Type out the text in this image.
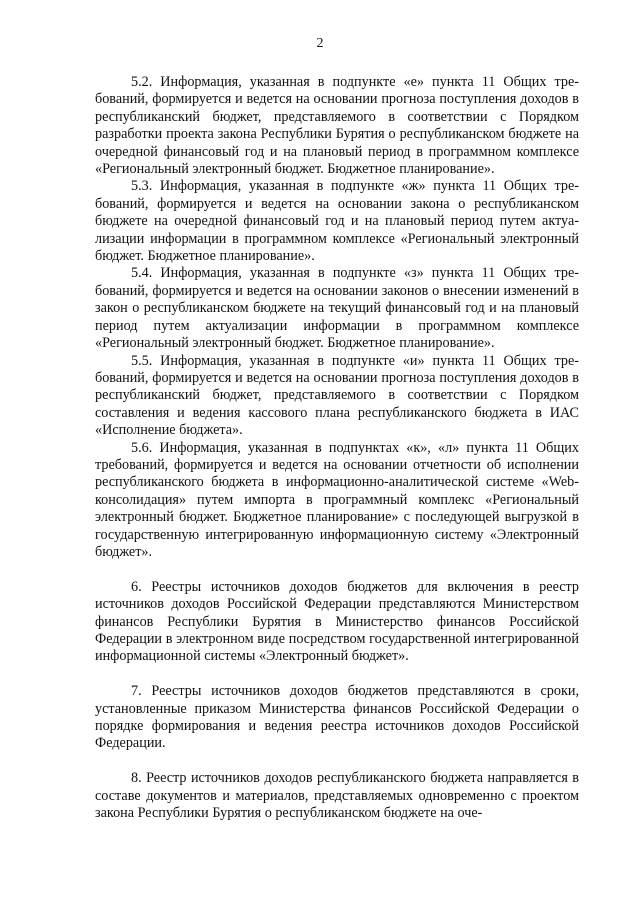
2

5.2. Информация, указанная в подпункте «е» пункта 11 Общих требований, формируется и ведется на основании прогноза поступления доходов в республиканский бюджет, представляемого в соответствии с Порядком разработки проекта закона Республики Бурятия о республиканском бюджете на очередной финансовый год и на плановый период в программном комплексе «Региональный электронный бюджет. Бюджетное планирование».

5.3. Информация, указанная в подпункте «ж» пункта 11 Общих требований, формируется и ведется на основании закона о республиканском бюджете на очередной финансовый год и на плановый период путем актуализации информации в программном комплексе «Региональный электронный бюджет. Бюджетное планирование».

5.4. Информация, указанная в подпункте «з» пункта 11 Общих требований, формируется и ведется на основании законов о внесении изменений в закон о республиканском бюджете на текущий финансовый год и на плановый период путем актуализации информации в программном комплексе «Региональный электронный бюджет. Бюджетное планирование».

5.5. Информация, указанная в подпункте «и» пункта 11 Общих требований, формируется и ведется на основании прогноза поступления доходов в республиканский бюджет, представляемого в соответствии с Порядком составления и ведения кассового плана республиканского бюджета в ИАС «Исполнение бюджета».

5.6. Информация, указанная в подпунктах «к», «л» пункта 11 Общих требований, формируется и ведется на основании отчетности об исполнении республиканского бюджета в информационно-аналитической системе «Web-консолидация» путем импорта в программный комплекс «Региональный электронный бюджет. Бюджетное планирование» с последующей выгрузкой в государственную интегрированную информационную систему «Электронный бюджет».

6. Реестры источников доходов бюджетов для включения в реестр источников доходов Российской Федерации представляются Министерством финансов Республики Бурятия в Министерство финансов Российской Федерации в электронном виде посредством государственной интегрированной информационной системы «Электронный бюджет».

7. Реестры источников доходов бюджетов представляются в сроки, установленные приказом Министерства финансов Российской Федерации о порядке формирования и ведения реестра источников доходов Российской Федерации.

8. Реестр источников доходов республиканского бюджета направляется в составе документов и материалов, представляемых одновременно с проектом закона Республики Бурятия о республиканском бюджете на оче-
